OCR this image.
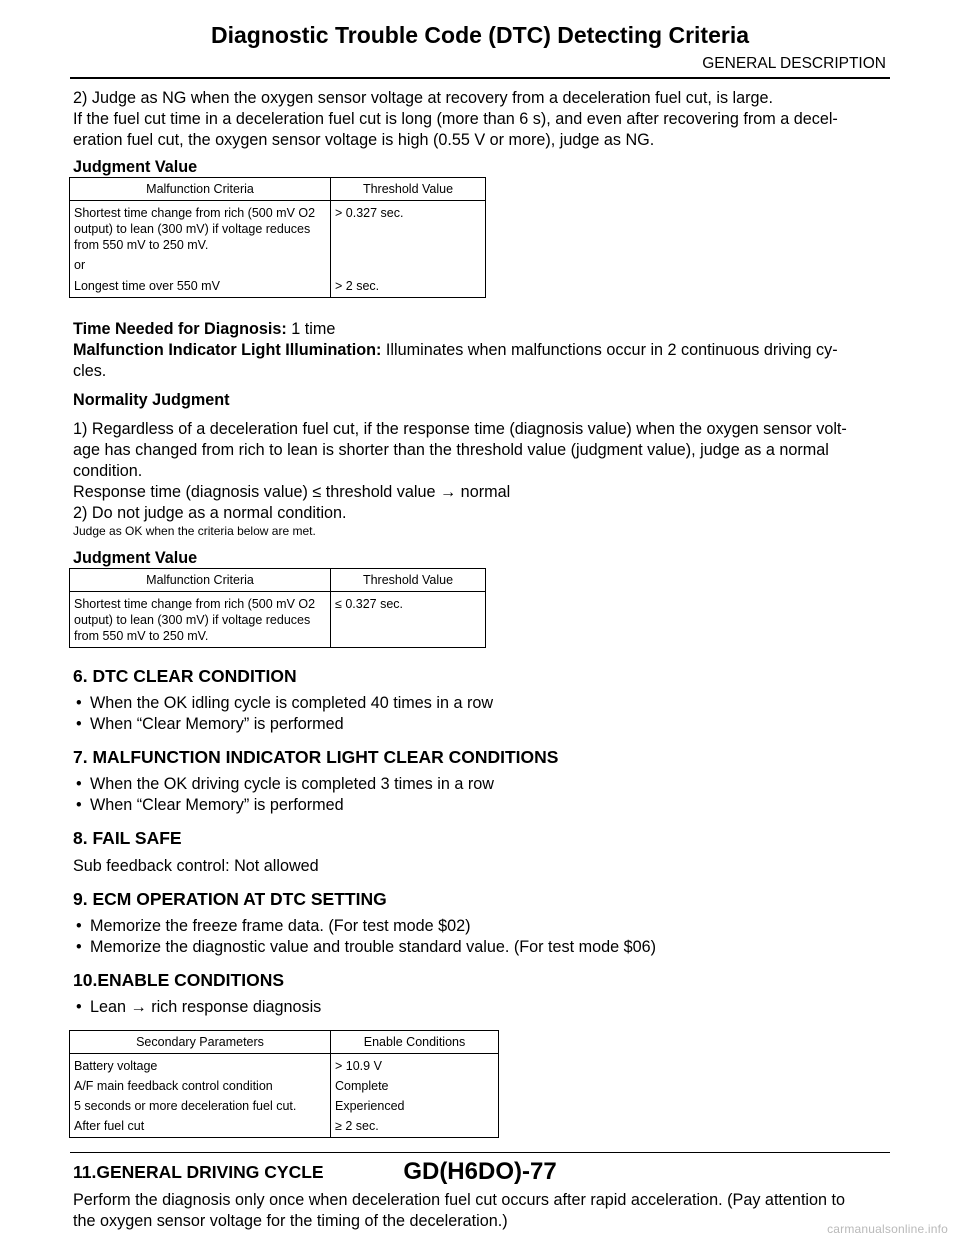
Diagnostic Trouble Code (DTC) Detecting Criteria
GENERAL DESCRIPTION

2) Judge as NG when the oxygen sensor voltage at recovery from a deceleration fuel cut, is large.

If the fuel cut time in a deceleration fuel cut is long (more than 6 s), and even after recovering from a decel-

eration fuel cut, the oxygen sensor voltage is high (0.55 V or more), judge as NG.

Judgment Value
Malfunction Criteria	Threshold Value
Shortest time change from rich (500 mV O2 output) to lean (300 mV) if voltage reduces from 550 mV to 250 mV.	> 0.327 sec.
or	
Longest time over 550 mV	> 2 sec.

Time Needed for Diagnosis: 1 time

Malfunction Indicator Light Illumination: Illuminates when malfunctions occur in 2 continuous driving cy-

cles.

Normality Judgment

1) Regardless of a deceleration fuel cut, if the response time (diagnosis value) when the oxygen sensor volt-

age has changed from rich to lean is shorter than the threshold value (judgment value), judge as a normal

condition.

Response time (diagnosis value) ≤ threshold value → normal

2) Do not judge as a normal condition.

Judge as OK when the criteria below are met.

Judgment Value
Malfunction Criteria	Threshold Value
Shortest time change from rich (500 mV O2 output) to lean (300 mV) if voltage reduces from 550 mV to 250 mV.	≤ 0.327 sec.
6. DTC CLEAR CONDITION
• When the OK idling cycle is completed 40 times in a row
• When “Clear Memory” is performed
7. MALFUNCTION INDICATOR LIGHT CLEAR CONDITIONS
• When the OK driving cycle is completed 3 times in a row
• When “Clear Memory” is performed
8. FAIL SAFE

Sub feedback control: Not allowed

9. ECM OPERATION AT DTC SETTING
• Memorize the freeze frame data. (For test mode $02)
• Memorize the diagnostic value and trouble standard value. (For test mode $06)
10.ENABLE CONDITIONS
• Lean → rich response diagnosis
Secondary Parameters	Enable Conditions
Battery voltage	> 10.9 V
A/F main feedback control condition	Complete
5 seconds or more deceleration fuel cut.	Experienced
After fuel cut	≥ 2 sec.
11.GENERAL DRIVING CYCLE

Perform the diagnosis only once when deceleration fuel cut occurs after rapid acceleration. (Pay attention to

the oxygen sensor voltage for the timing of the deceleration.)

GD(H6DO)-77
carmanualsonline.info
